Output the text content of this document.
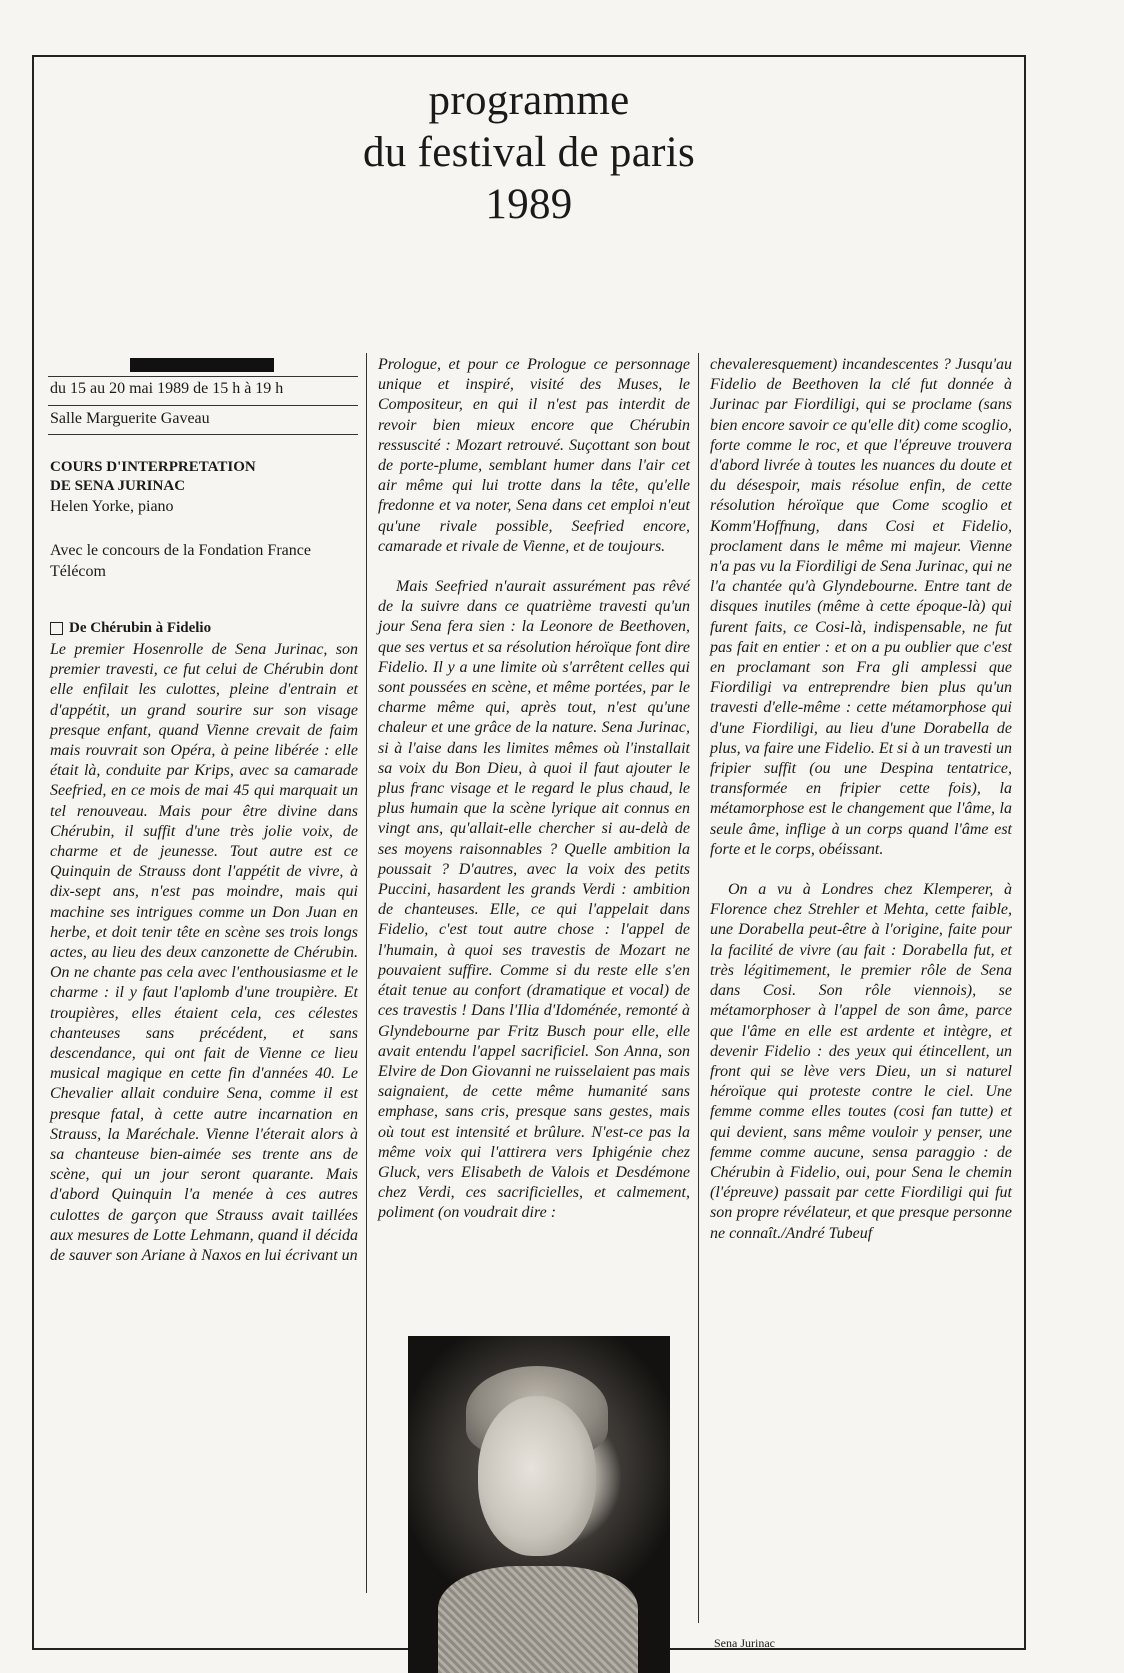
programme
du festival de paris
1989
du 15 au 20 mai 1989 de 15 h à 19 h
Salle Marguerite Gaveau
COURS D'INTERPRETATION
DE SENA JURINAC
Helen Yorke, piano
Avec le concours de la Fondation France Télécom
De Chérubin à Fidelio

Le premier Hosenrolle de Sena Jurinac, son premier travesti, ce fut celui de Chérubin dont elle enfilait les culottes, pleine d'entrain et d'appétit, un grand sourire sur son visage presque enfant, quand Vienne crevait de faim mais rouvrait son Opéra, à peine libérée : elle était là, conduite par Krips, avec sa camarade Seefried, en ce mois de mai 45 qui marquait un tel renouveau. Mais pour être divine dans Chérubin, il suffit d'une très jolie voix, de charme et de jeunesse. Tout autre est ce Quinquin de Strauss dont l'appétit de vivre, à dix-sept ans, n'est pas moindre, mais qui machine ses intrigues comme un Don Juan en herbe, et doit tenir tête en scène ses trois longs actes, au lieu des deux canzonette de Chérubin. On ne chante pas cela avec l'enthousiasme et le charme : il y faut l'aplomb d'une troupière. Et troupières, elles étaient cela, ces célestes chanteuses sans précédent, et sans descendance, qui ont fait de Vienne ce lieu musical magique en cette fin d'années 40. Le Chevalier allait conduire Sena, comme il est presque fatal, à cette autre incarnation en Strauss, la Maréchale. Vienne l'éterait alors à sa chanteuse bien-aimée ses trente ans de scène, qui un jour seront quarante. Mais d'abord Quinquin l'a menée à ces autres culottes de garçon que Strauss avait taillées aux mesures de Lotte Lehmann, quand il décida de sauver son Ariane à Naxos en lui écrivant un

Prologue, et pour ce Prologue ce personnage unique et inspiré, visité des Muses, le Compositeur, en qui il n'est pas interdit de revoir bien mieux encore que Chérubin ressuscité : Mozart retrouvé. Suçottant son bout de porte-plume, semblant humer dans l'air cet air même qui lui trotte dans la tête, qu'elle fredonne et va noter, Sena dans cet emploi n'eut qu'une rivale possible, Seefried encore, camarade et rivale de Vienne, et de toujours.

Mais Seefried n'aurait assurément pas rêvé de la suivre dans ce quatrième travesti qu'un jour Sena fera sien : la Leonore de Beethoven, que ses vertus et sa résolution héroïque font dire Fidelio. Il y a une limite où s'arrêtent celles qui sont poussées en scène, et même portées, par le charme même qui, après tout, n'est qu'une chaleur et une grâce de la nature. Sena Jurinac, si à l'aise dans les limites mêmes où l'installait sa voix du Bon Dieu, à quoi il faut ajouter le plus franc visage et le regard le plus chaud, le plus humain que la scène lyrique ait connus en vingt ans, qu'allait-elle chercher si au-delà de ses moyens raisonnables ? Quelle ambition la poussait ? D'autres, avec la voix des petits Puccini, hasardent les grands Verdi : ambition de chanteuses. Elle, ce qui l'appelait dans Fidelio, c'est tout autre chose : l'appel de l'humain, à quoi ses travestis de Mozart ne pouvaient suffire. Comme si du reste elle s'en était tenue au confort (dramatique et vocal) de ces travestis ! Dans l'Ilia d'Idoménée, remonté à Glyndebourne par Fritz Busch pour elle, elle avait entendu l'appel sacrificiel. Son Anna, son Elvire de Don Giovanni ne ruisselaient pas mais saignaient, de cette même humanité sans emphase, sans cris, presque sans gestes, mais où tout est intensité et brûlure. N'est-ce pas la même voix qui l'attirera vers Iphigénie chez Gluck, vers Elisabeth de Valois et Desdémone chez Verdi, ces sacrificielles, et calmement, poliment (on voudrait dire :

chevaleresquement) incandescentes ? Jusqu'au Fidelio de Beethoven la clé fut donnée à Jurinac par Fiordiligi, qui se proclame (sans bien encore savoir ce qu'elle dit) come scoglio, forte comme le roc, et que l'épreuve trouvera d'abord livrée à toutes les nuances du doute et du désespoir, mais résolue enfin, de cette résolution héroïque que Come scoglio et Komm'Hoffnung, dans Cosi et Fidelio, proclament dans le même mi majeur. Vienne n'a pas vu la Fiordiligi de Sena Jurinac, qui ne l'a chantée qu'à Glyndebourne. Entre tant de disques inutiles (même à cette époque-là) qui furent faits, ce Cosi-là, indispensable, ne fut pas fait en entier : et on a pu oublier que c'est en proclamant son Fra gli amplessi que Fiordiligi va entreprendre bien plus qu'un travesti d'elle-même : cette métamorphose qui d'une Fiordiligi, au lieu d'une Dorabella de plus, va faire une Fidelio. Et si à un travesti un fripier suffit (ou une Despina tentatrice, transformée en fripier cette fois), la métamorphose est le changement que l'âme, la seule âme, inflige à un corps quand l'âme est forte et le corps, obéissant.

On a vu à Londres chez Klemperer, à Florence chez Strehler et Mehta, cette faible, une Dorabella peut-être à l'origine, faite pour la facilité de vivre (au fait : Dorabella fut, et très légitimement, le premier rôle de Sena dans Cosi. Son rôle viennois), se métamorphoser à l'appel de son âme, parce que l'âme en elle est ardente et intègre, et devenir Fidelio : des yeux qui étincellent, un front qui se lève vers Dieu, un si naturel héroïque qui proteste contre le ciel. Une femme comme elles toutes (cosi fan tutte) et qui devient, sans même vouloir y penser, une femme comme aucune, sensa paraggio : de Chérubin à Fidelio, oui, pour Sena le chemin (l'épreuve) passait par cette Fiordiligi qui fut son propre révélateur, et que presque personne ne connaît./André Tubeuf

Sena Jurinac
